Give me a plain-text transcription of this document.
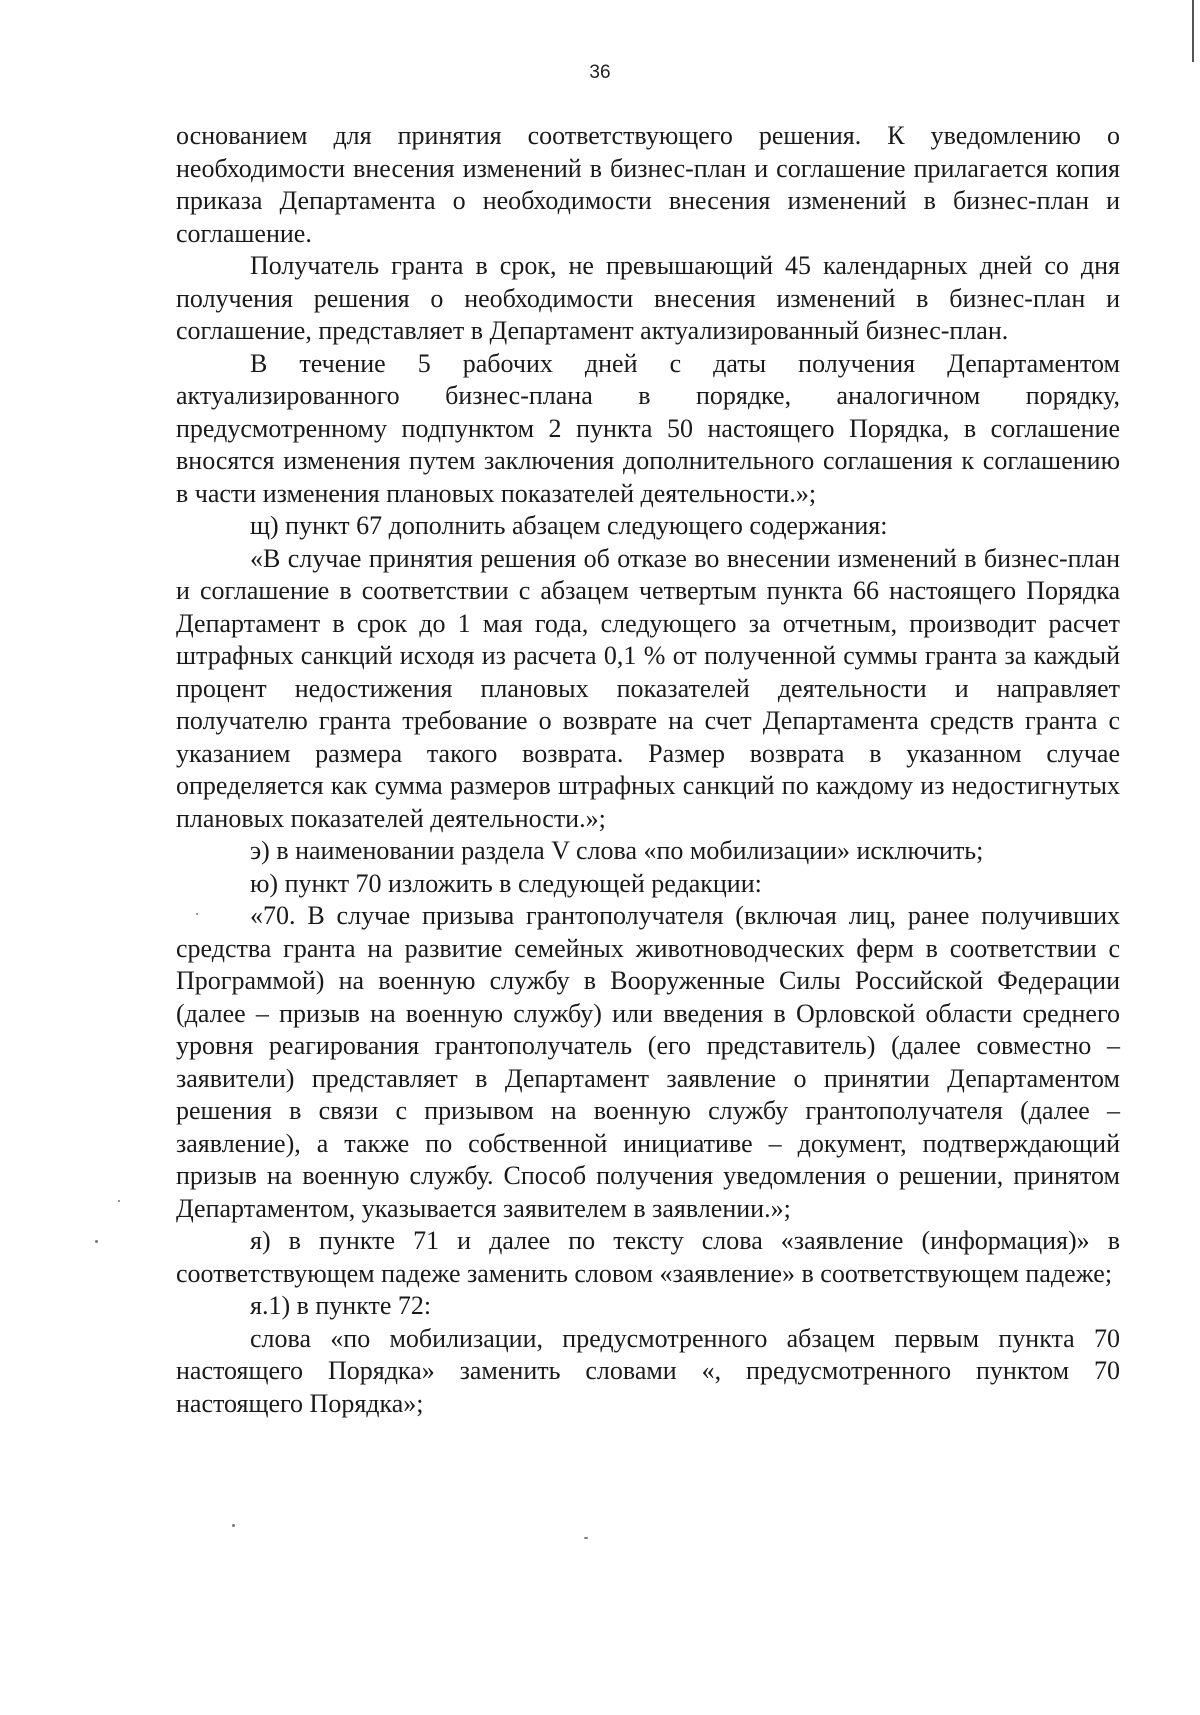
36

основанием для принятия соответствующего решения. К уведомлению о необходимости внесения изменений в бизнес-план и соглашение прилагается копия приказа Департамента о необходимости внесения изменений в бизнес-план и соглашение.

Получатель гранта в срок, не превышающий 45 календарных дней со дня получения решения о необходимости внесения изменений в бизнес-план и соглашение, представляет в Департамент актуализированный бизнес-план.

В течение 5 рабочих дней с даты получения Департаментом актуализированного бизнес-плана в порядке, аналогичном порядку, предусмотренному подпунктом 2 пункта 50 настоящего Порядка, в соглашение вносятся изменения путем заключения дополнительного соглашения к соглашению в части изменения плановых показателей деятельности.»;

щ) пункт 67 дополнить абзацем следующего содержания:

«В случае принятия решения об отказе во внесении изменений в бизнес-план и соглашение в соответствии с абзацем четвертым пункта 66 настоящего Порядка Департамент в срок до 1 мая года, следующего за отчетным, производит расчет штрафных санкций исходя из расчета 0,1 % от полученной суммы гранта за каждый процент недостижения плановых показателей деятельности и направляет получателю гранта требование о возврате на счет Департамента средств гранта с указанием размера такого возврата. Размер возврата в указанном случае определяется как сумма размеров штрафных санкций по каждому из недостигнутых плановых показателей деятельности.»;

э) в наименовании раздела V слова «по мобилизации» исключить;

ю) пункт 70 изложить в следующей редакции:

«70. В случае призыва грантополучателя (включая лиц, ранее получивших средства гранта на развитие семейных животноводческих ферм в соответствии с Программой) на военную службу в Вооруженные Силы Российской Федерации (далее – призыв на военную службу) или введения в Орловской области среднего уровня реагирования грантополучатель (его представитель) (далее совместно – заявители) представляет в Департамент заявление о принятии Департаментом решения в связи с призывом на военную службу грантополучателя (далее – заявление), а также по собственной инициативе – документ, подтверждающий призыв на военную службу. Способ получения уведомления о решении, принятом Департаментом, указывается заявителем в заявлении.»;

я) в пункте 71 и далее по тексту слова «заявление (информация)» в соответствующем падеже заменить словом «заявление» в соответствующем падеже;

я.1) в пункте 72:

слова «по мобилизации, предусмотренного абзацем первым пункта 70 настоящего Порядка» заменить словами «, предусмотренного пунктом 70 настоящего Порядка»;
